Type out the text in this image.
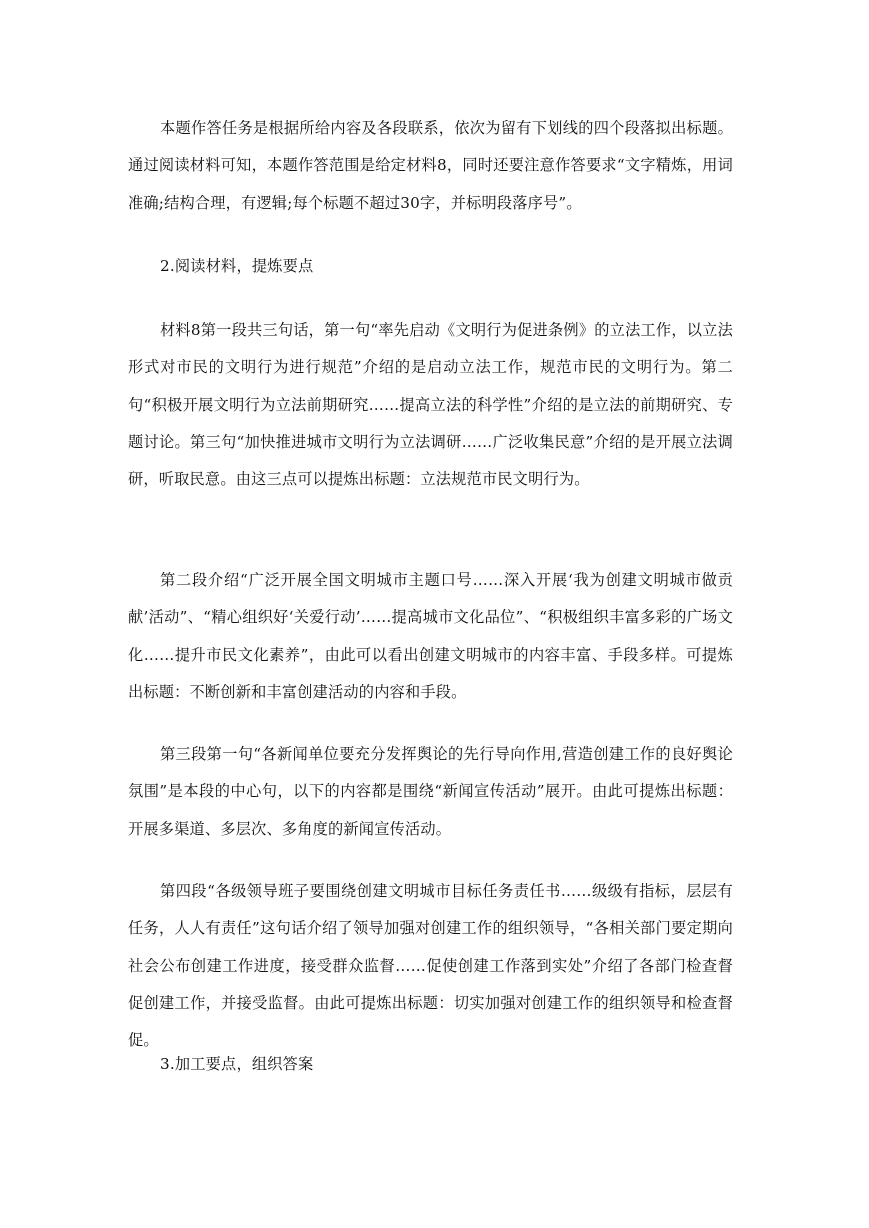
本题作答任务是根据所给内容及各段联系，依次为留有下划线的四个段落拟出标题。通过阅读材料可知，本题作答范围是给定材料8，同时还要注意作答要求“文字精炼，用词准确;结构合理，有逻辑;每个标题不超过30字，并标明段落序号”。

2.阅读材料，提炼要点

材料8第一段共三句话，第一句“率先启动《文明行为促进条例》的立法工作，以立法形式对市民的文明行为进行规范”介绍的是启动立法工作，规范市民的文明行为。第二句“积极开展文明行为立法前期研究……提高立法的科学性”介绍的是立法的前期研究、专题讨论。第三句“加快推进城市文明行为立法调研……广泛收集民意”介绍的是开展立法调研，听取民意。由这三点可以提炼出标题：立法规范市民文明行为。

第二段介绍“广泛开展全国文明城市主题口号……深入开展‘我为创建文明城市做贡献’活动”、“精心组织好‘关爱行动’……提高城市文化品位”、“积极组织丰富多彩的广场文化……提升市民文化素养”，由此可以看出创建文明城市的内容丰富、手段多样。可提炼出标题：不断创新和丰富创建活动的内容和手段。

第三段第一句“各新闻单位要充分发挥舆论的先行导向作用,营造创建工作的良好舆论氛围”是本段的中心句，以下的内容都是围绕“新闻宣传活动”展开。由此可提炼出标题：开展多渠道、多层次、多角度的新闻宣传活动。

第四段“各级领导班子要围绕创建文明城市目标任务责任书……级级有指标，层层有任务，人人有责任”这句话介绍了领导加强对创建工作的组织领导，“各相关部门要定期向社会公布创建工作进度，接受群众监督……促使创建工作落到实处”介绍了各部门检查督促创建工作，并接受监督。由此可提炼出标题：切实加强对创建工作的组织领导和检查督促。

3.加工要点，组织答案
